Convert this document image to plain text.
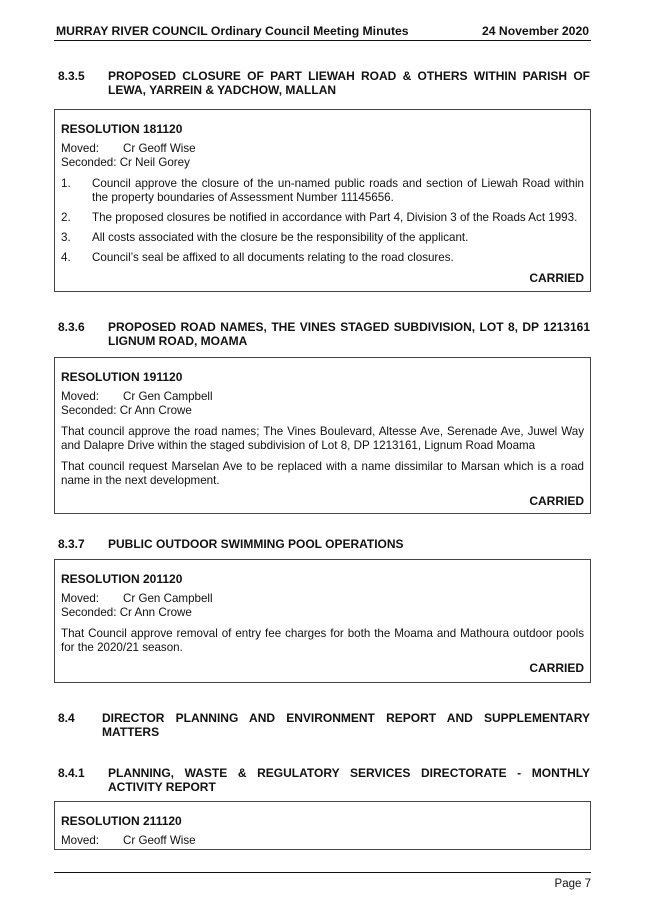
MURRAY RIVER COUNCIL Ordinary Council Meeting Minutes	24 November 2020
8.3.5 PROPOSED CLOSURE OF PART LIEWAH ROAD & OTHERS WITHIN PARISH OF LEWA, YARREIN & YADCHOW, MALLAN
RESOLUTION 181120
Moved: Cr Geoff Wise
Seconded: Cr Neil Gorey
1. Council approve the closure of the un-named public roads and section of Liewah Road within the property boundaries of Assessment Number 11145656.
2. The proposed closures be notified in accordance with Part 4, Division 3 of the Roads Act 1993.
3. All costs associated with the closure be the responsibility of the applicant.
4. Council’s seal be affixed to all documents relating to the road closures.
CARRIED
8.3.6 PROPOSED ROAD NAMES, THE VINES STAGED SUBDIVISION, LOT 8, DP 1213161 LIGNUM ROAD, MOAMA
RESOLUTION 191120
Moved: Cr Gen Campbell
Seconded: Cr Ann Crowe
That council approve the road names; The Vines Boulevard, Altesse Ave, Serenade Ave, Juwel Way and Dalapre Drive within the staged subdivision of Lot 8, DP 1213161, Lignum Road Moama
That council request Marselan Ave to be replaced with a name dissimilar to Marsan which is a road name in the next development.
CARRIED
8.3.7 PUBLIC OUTDOOR SWIMMING POOL OPERATIONS
RESOLUTION 201120
Moved: Cr Gen Campbell
Seconded: Cr Ann Crowe
That Council approve removal of entry fee charges for both the Moama and Mathoura outdoor pools for the 2020/21 season.
CARRIED
8.4 DIRECTOR PLANNING AND ENVIRONMENT REPORT AND SUPPLEMENTARY MATTERS
8.4.1 PLANNING, WASTE & REGULATORY SERVICES DIRECTORATE - MONTHLY ACTIVITY REPORT
RESOLUTION 211120
Moved: Cr Geoff Wise
Page 7
